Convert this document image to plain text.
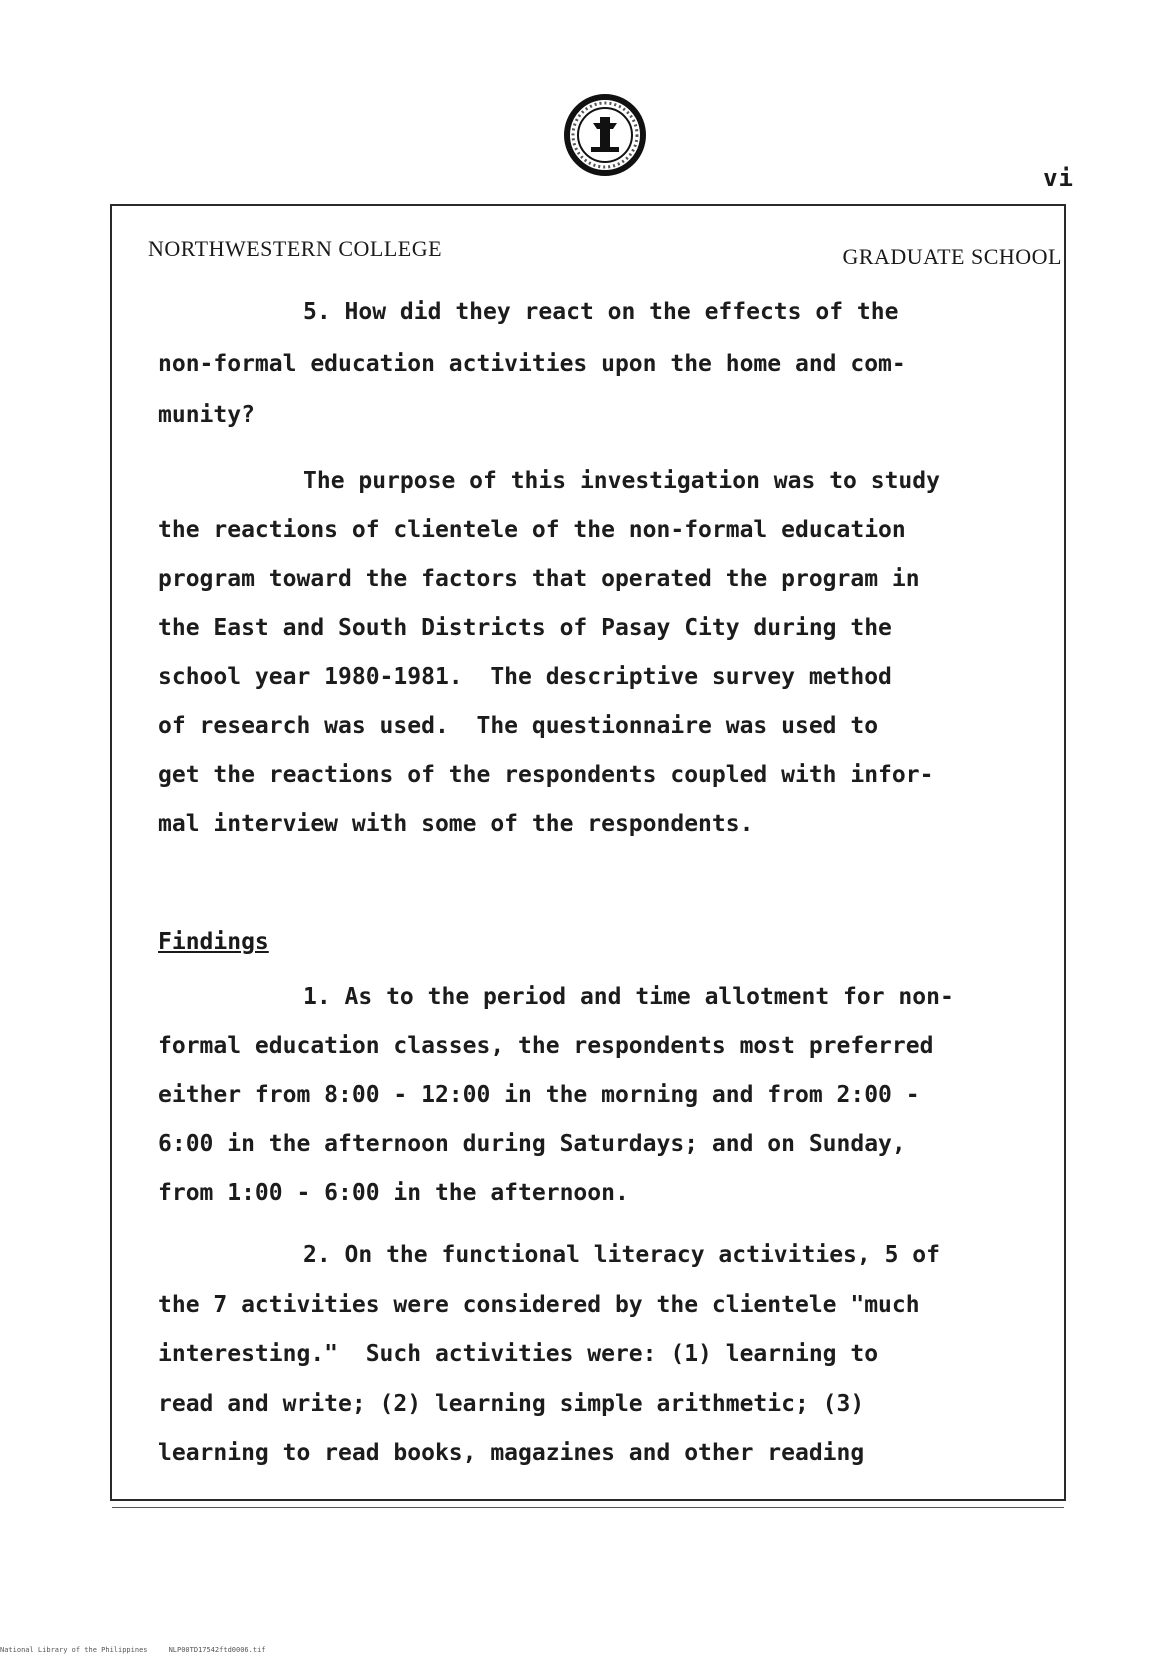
vi
NORTHWESTERN COLLEGE	GRADUATE SCHOOL
5. How did they react on the effects of the
non-formal education activities upon the home and com-
munity?
The purpose of this investigation was to study
the reactions of clientele of the non-formal education
program toward the factors that operated the program in
the East and South Districts of Pasay City during the
school year 1980-1981.  The descriptive survey method
of research was used.  The questionnaire was used to
get the reactions of the respondents coupled with infor-
mal interview with some of the respondents.
Findings
1. As to the period and time allotment for non-
formal education classes, the respondents most preferred
either from 8:00 - 12:00 in the morning and from 2:00 -
6:00 in the afternoon during Saturdays; and on Sunday,
from 1:00 - 6:00 in the afternoon.
2. On the functional literacy activities, 5 of
the 7 activities were considered by the clientele "much
interesting."  Such activities were: (1) learning to
read and write; (2) learning simple arithmetic; (3)
learning to read books, magazines and other reading
National Library of the Philippines     NLP00TD17542ftd0006.tif
